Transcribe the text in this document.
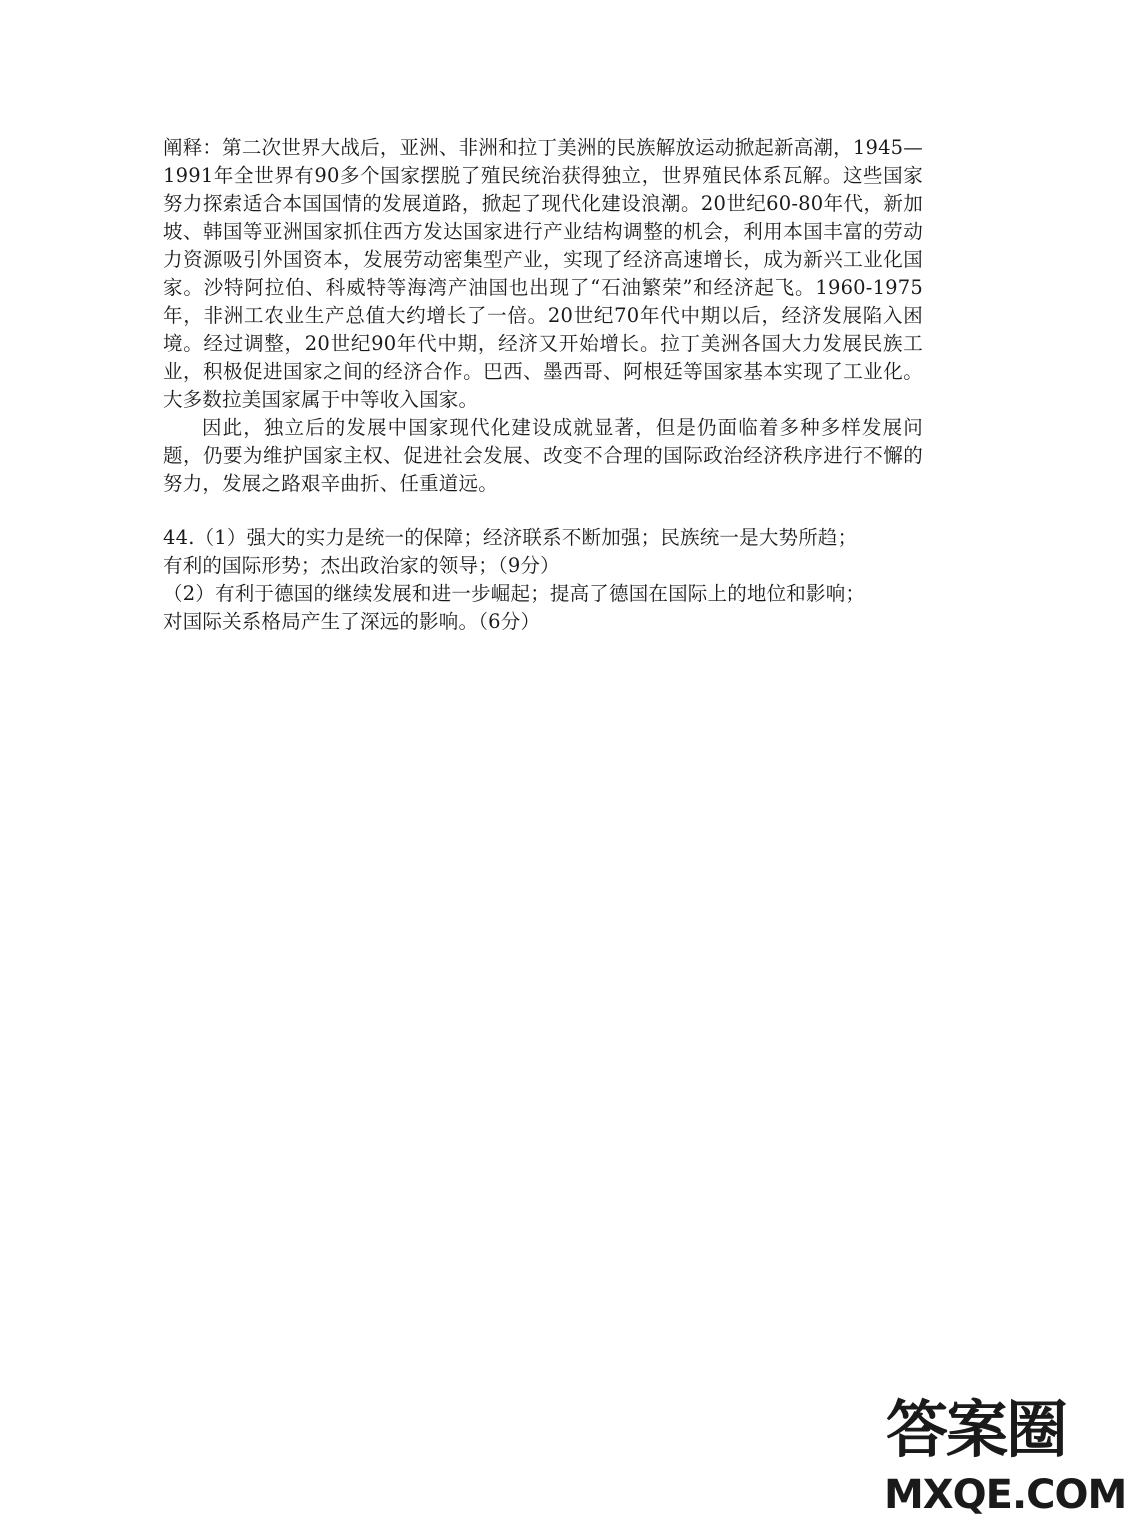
阐释：第二次世界大战后，亚洲、非洲和拉丁美洲的民族解放运动掀起新高潮，1945—1991年全世界有90多个国家摆脱了殖民统治获得独立，世界殖民体系瓦解。这些国家努力探索适合本国国情的发展道路，掀起了现代化建设浪潮。20世纪60-80年代，新加坡、韩国等亚洲国家抓住西方发达国家进行产业结构调整的机会，利用本国丰富的劳动力资源吸引外国资本，发展劳动密集型产业，实现了经济高速增长，成为新兴工业化国家。沙特阿拉伯、科威特等海湾产油国也出现了“石油繁荣”和经济起飞。1960-1975年，非洲工农业生产总值大约增长了一倍。20世纪70年代中期以后，经济发展陷入困境。经过调整，20世纪90年代中期，经济又开始增长。拉丁美洲各国大力发展民族工业，积极促进国家之间的经济合作。巴西、墨西哥、阿根廷等国家基本实现了工业化。大多数拉美国家属于中等收入国家。

因此，独立后的发展中国家现代化建设成就显著，但是仍面临着多种多样发展问题，仍要为维护国家主权、促进社会发展、改变不合理的国际政治经济秩序进行不懈的努力，发展之路艰辛曲折、任重道远。

44.（1）强大的实力是统一的保障；经济联系不断加强；民族统一是大势所趋；

有利的国际形势；杰出政治家的领导；（9分）

（2）有利于德国的继续发展和进一步崛起；提高了德国在国际上的地位和影响；

对国际关系格局产生了深远的影响。（6分）

答案圈
MXQE.COM
